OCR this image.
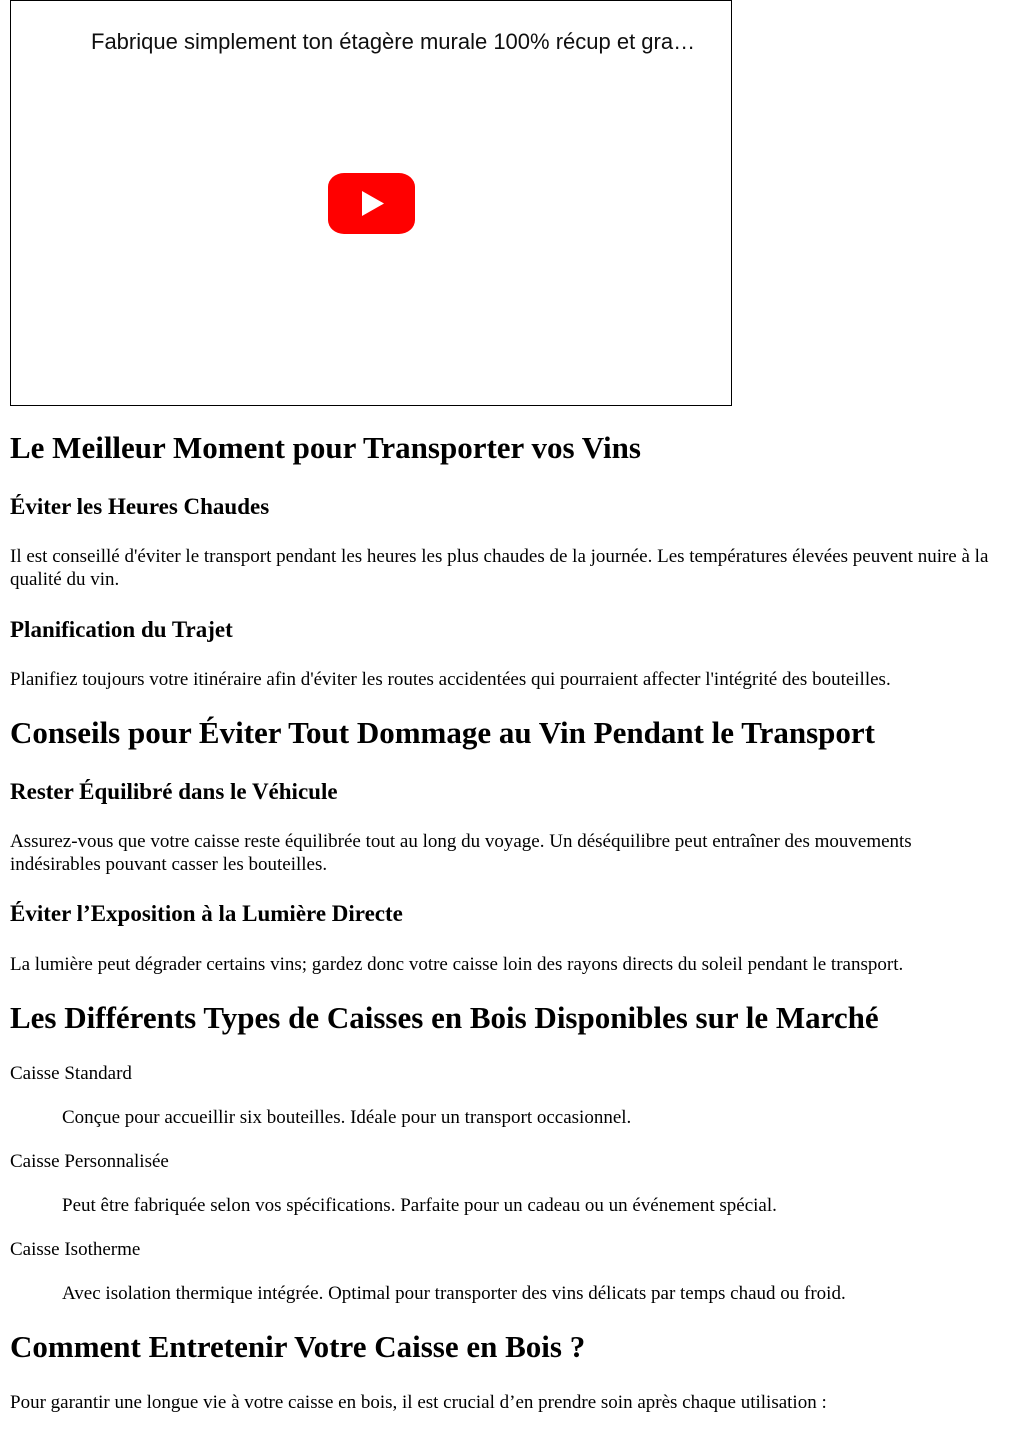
Fabrique simplement ton étagère murale 100% récup et gra…
Le Meilleur Moment pour Transporter vos Vins
Éviter les Heures Chaudes

Il est conseillé d'éviter le transport pendant les heures les plus chaudes de la journée. Les températures élevées peuvent nuire à la qualité du vin.

Planification du Trajet

Planifiez toujours votre itinéraire afin d'éviter les routes accidentées qui pourraient affecter l'intégrité des bouteilles.

Conseils pour Éviter Tout Dommage au Vin Pendant le Transport
Rester Équilibré dans le Véhicule

Assurez-vous que votre caisse reste équilibrée tout au long du voyage. Un déséquilibre peut entraîner des mouvements indésirables pouvant casser les bouteilles.

Éviter l’Exposition à la Lumière Directe

La lumière peut dégrader certains vins; gardez donc votre caisse loin des rayons directs du soleil pendant le transport.

Les Différents Types de Caisses en Bois Disponibles sur le Marché
Caisse Standard
Conçue pour accueillir six bouteilles. Idéale pour un transport occasionnel.
Caisse Personnalisée
Peut être fabriquée selon vos spécifications. Parfaite pour un cadeau ou un événement spécial.
Caisse Isotherme
Avec isolation thermique intégrée. Optimal pour transporter des vins délicats par temps chaud ou froid.
Comment Entretenir Votre Caisse en Bois ?

Pour garantir une longue vie à votre caisse en bois, il est crucial d’en prendre soin après chaque utilisation :
